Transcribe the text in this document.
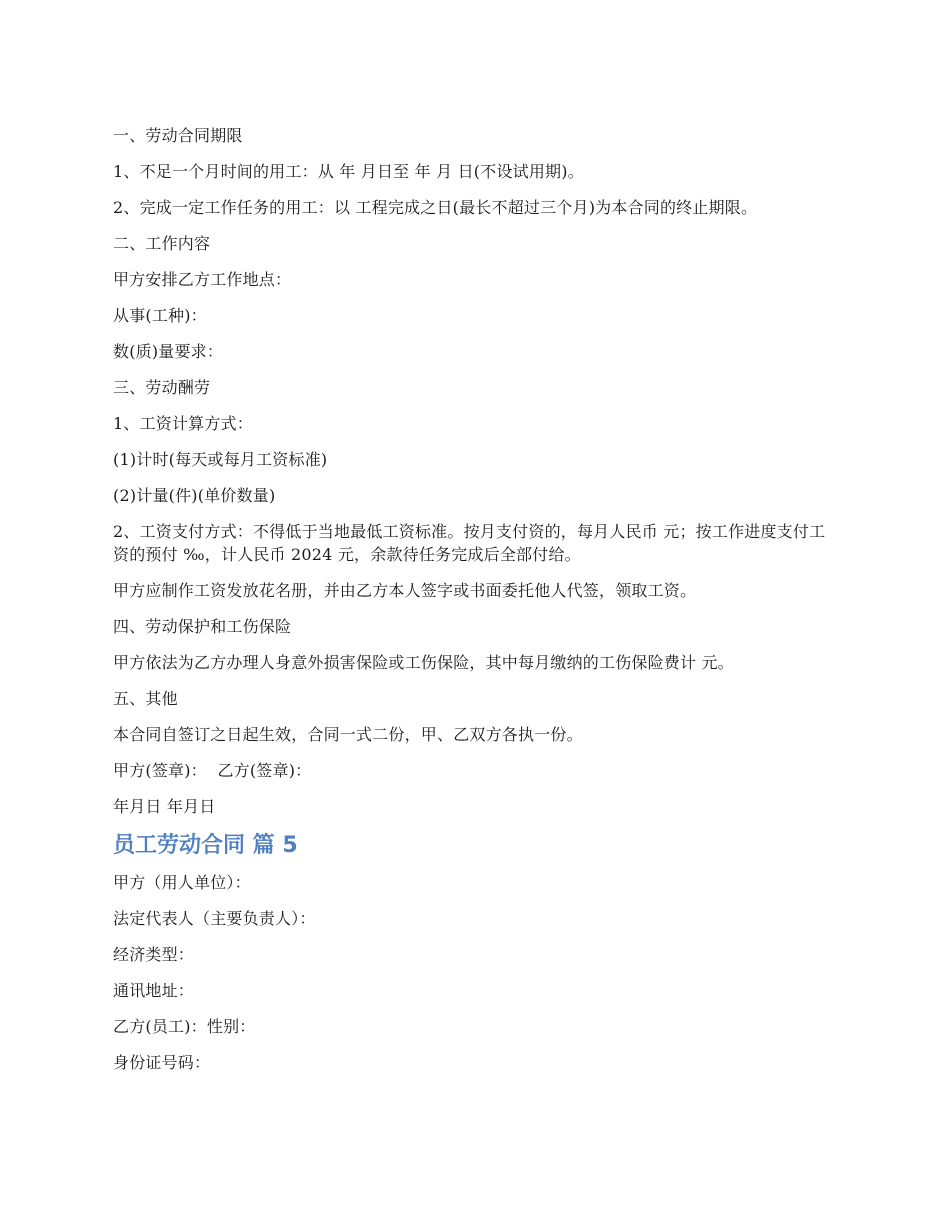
一、劳动合同期限

1、不足一个月时间的用工：从 年 月日至 年 月 日(不设试用期)。

2、完成一定工作任务的用工：以 工程完成之日(最长不超过三个月)为本合同的终止期限。

二、工作内容

甲方安排乙方工作地点：

从事(工种)：

数(质)量要求：

三、劳动酬劳

1、工资计算方式：

(1)计时(每天或每月工资标准)

(2)计量(件)(单价数量)

2、工资支付方式：不得低于当地最低工资标准。按月支付资的，每月人民币 元；按工作进度支付工资的预付 ‰，计人民币 2024 元，余款待任务完成后全部付给。

甲方应制作工资发放花名册，并由乙方本人签字或书面委托他人代签，领取工资。

四、劳动保护和工伤保险

甲方依法为乙方办理人身意外损害保险或工伤保险，其中每月缴纳的工伤保险费计 元。

五、其他

本合同自签订之日起生效，合同一式二份，甲、乙双方各执一份。

甲方(签章)：  乙方(签章)：

年月日 年月日

员工劳动合同 篇 5

甲方（用人单位）：

法定代表人（主要负责人）：

经济类型：

通讯地址：

乙方(员工)：性别：

身份证号码：
